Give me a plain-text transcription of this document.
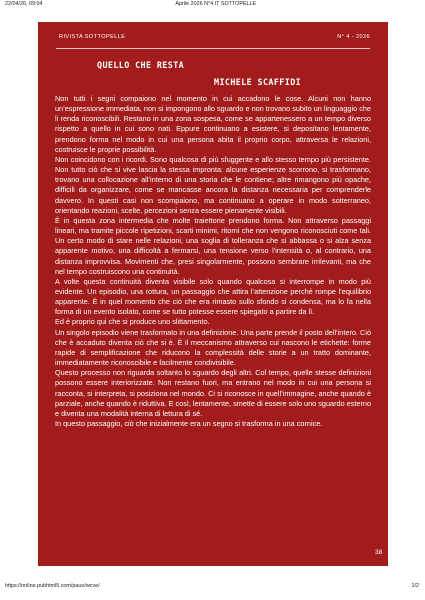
22/04/26, 09:04	Aprile 2026 N°4 IT SOTTOPELLE
RIVISTA SOTTOPELLE	N° 4 - 2026
QUELLO CHE RESTA
MICHELE SCAFFIDI

Non tutti i segni compaiono nel momento in cui accadono le cose. Alcuni non hanno un’espressione immediata, non si impongono allo sguardo e non trovano subito un linguaggio che li renda riconoscibili. Restano in una zona sospesa, come se appartenessero a un tempo diverso rispetto a quello in cui sono nati. Eppure continuano a esistere, si depositano lentamente, prendono forma nel modo in cui una persona abita il proprio corpo, attraversa le relazioni, costruisce le proprie possibilità.

Non coincidono con i ricordi. Sono qualcosa di più sfuggente e allo stesso tempo più persistente. Non tutto ciò che si vive lascia la stessa impronta: alcune esperienze scorrono, si trasformano, trovano una collocazione all’interno di una storia che le contiene; altre rimangono più opache, difficili da organizzare, come se mancasse ancora la distanza necessaria per comprenderle davvero. In questi casi non scompaiono, ma continuano a operare in modo sotterraneo, orientando reazioni, scelte, percezioni senza essere pienamente visibili.

È in questa zona intermedia che molte traiettorie prendono forma. Non attraverso passaggi lineari, ma tramite piccole ripetizioni, scarti minimi, ritorni che non vengono riconosciuti come tali. Un certo modo di stare nelle relazioni, una soglia di tolleranza che si abbassa o si alza senza apparente motivo, una difficoltà a fermarsi, una tensione verso l’intensità o, al contrario, una distanza improvvisa. Movimenti che, presi singolarmente, possono sembrare irrilevanti, ma che nel tempo costruiscono una continuità.

A volte questa continuità diventa visibile solo quando qualcosa si interrompe in modo più evidente. Un episodio, una rottura, un passaggio che attira l’attenzione perché rompe l’equilibrio apparente. È in quel momento che ciò che era rimasto sullo sfondo si condensa, ma lo fa nella forma di un evento isolato, come se tutto potesse essere spiegato a partire da lì.

Ed è proprio qui che si produce uno slittamento.

Un singolo episodio viene trasformato in una definizione. Una parte prende il posto dell’intero. Ciò che è accaduto diventa ciò che si è. È il meccanismo attraverso cui nascono le etichette: forme rapide di semplificazione che riducono la complessità delle storie a un tratto dominante, immediatamente riconoscibile e facilmente condivisibile.

Questo processo non riguarda soltanto lo sguardo degli altri. Col tempo, quelle stesse definizioni possono essere interiorizzate. Non restano fuori, ma entrano nel modo in cui una persona si racconta, si interpreta, si posiziona nel mondo. Ci si riconosce in quell’immagine, anche quando è parziale, anche quando è riduttiva. E così, lentamente, smette di essere solo uno sguardo esterno e diventa una modalità interna di lettura di sé.

In questo passaggio, ciò che inizialmente era un segno si trasforma in una cornice.

38
https://online.pubhtml5.com/pauo/wcve/	1/2
